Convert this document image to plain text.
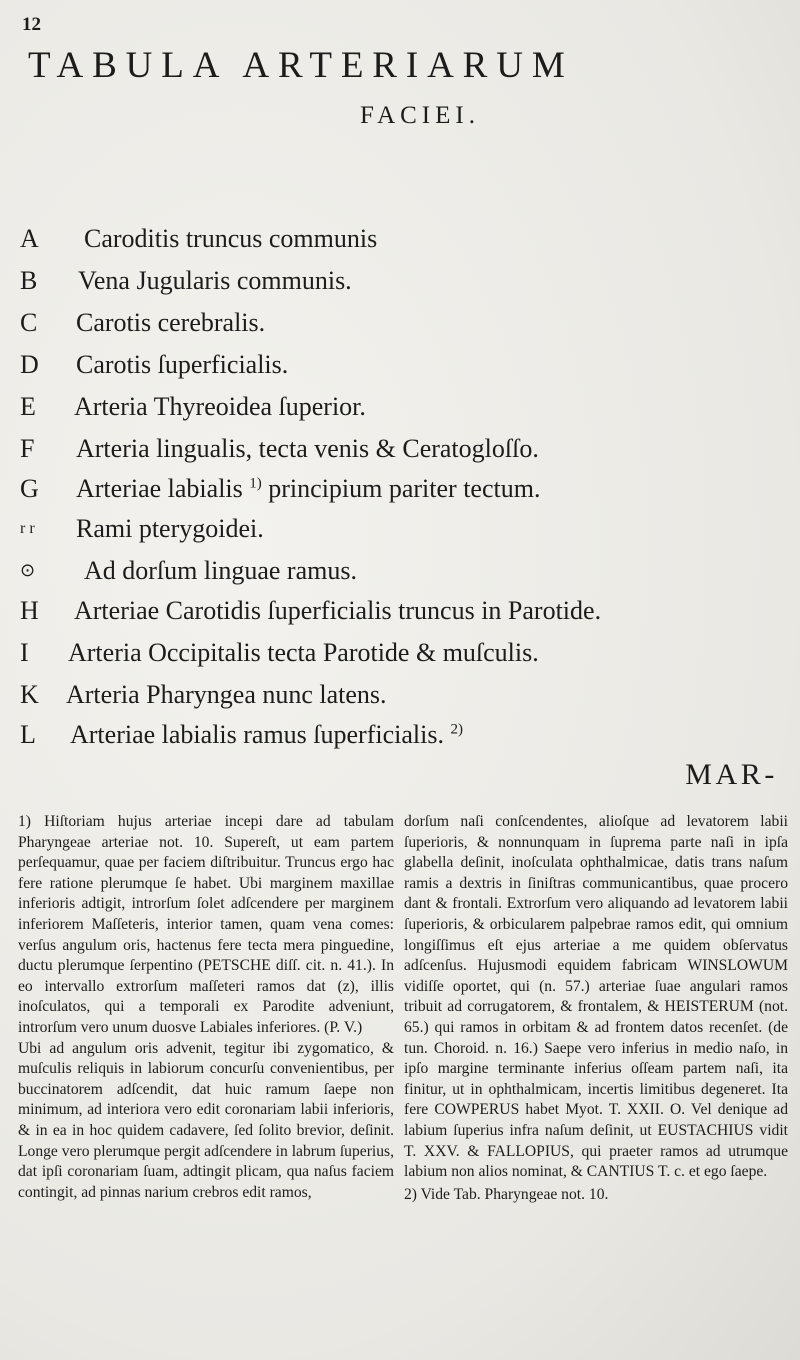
12
TABULA ARTERIARUM
FACIEI.
A	Caroditis truncus communis
B	Vena Jugularis communis.
C	Carotis cerebralis.
D	Carotis ſuperficialis.
E	Arteria Thyreoidea ſuperior.
F	Arteria lingualis, tecta venis & Ceratogloſſo.
G	Arteriae labialis $^{1)}$ principium pariter tectum.
r r	Rami pterygoidei.
⊙	Ad dorſum linguae ramus.
H	Arteriae Carotidis ſuperficialis truncus in Parotide.
I	Arteria Occipitalis tecta Parotide & muſculis.
K	Arteria Pharyngea nunc latens.
L	Arteriae labialis ramus ſuperficialis. $^{2)}$
MAR-

1) Hiſtoriam hujus arteriae incepi dare ad tabulam Pharyngeae arteriae not. 10. Supereſt, ut eam partem perſequamur, quae per faciem diſtribuitur. Truncus ergo hac fere ratione plerumque ſe habet. Ubi marginem maxillae inferioris adtigit, introrſum ſolet adſcendere per marginem inferiorem Maſſeteris, interior tamen, quam vena comes: verſus angulum oris, hactenus fere tecta mera pinguedine, ductu plerumque ſerpentino (PETSCHE diſſ. cit. n. 41.). In eo intervallo extrorſum maſſeteri ramos dat (z), illis inoſculatos, qui a temporali ex Parodite adveniunt, introrſum vero unum duosve Labiales inferiores. (P. V.)

Ubi ad angulum oris advenit, tegitur ibi zygomatico, & muſculis reliquis in labiorum concurſu convenientibus, per buccinatorem adſcendit, dat huic ramum ſaepe non minimum, ad interiora vero edit coronariam labii inferioris, & in ea in hoc quidem cadavere, ſed ſolito brevior, deſinit. Longe vero plerumque pergit adſcendere in labrum ſuperius, dat ipſi coronariam ſuam, adtingit plicam, qua naſus faciem contingit, ad pinnas narium crebros edit ramos,

dorſum naſi conſcendentes, alioſque ad levatorem labii ſuperioris, & nonnunquam in ſuprema parte naſi in ipſa glabella deſinit, inoſculata ophthalmicae, datis trans naſum ramis a dextris in ſiniſtras communicantibus, quae procero dant & frontali. Extrorſum vero aliquando ad levatorem labii ſuperioris, & orbicularem palpebrae ramos edit, qui omnium longiſſimus eſt ejus arteriae a me quidem obſervatus adſcenſus. Hujusmodi equidem fabricam WINSLOWUM vidiſſe oportet, qui (n. 57.) arteriae ſuae angulari ramos tribuit ad corrugatorem, & frontalem, & HEISTERUM (not. 65.) qui ramos in orbitam & ad frontem datos recenſet. (de tun. Choroid. n. 16.) Saepe vero inferius in medio naſo, in ipſo margine terminante inferius oſſeam partem naſi, ita finitur, ut in ophthalmicam, incertis limitibus degeneret. Ita fere COWPERUS habet Myot. T. XXII. O. Vel denique ad labium ſuperius infra naſum deſinit, ut EUSTACHIUS vidit T. XXV. & FALLOPIUS, qui praeter ramos ad utrumque labium non alios nominat, & CANTIUS T. c. et ego ſaepe.

2) Vide Tab. Pharyngeae not. 10.
